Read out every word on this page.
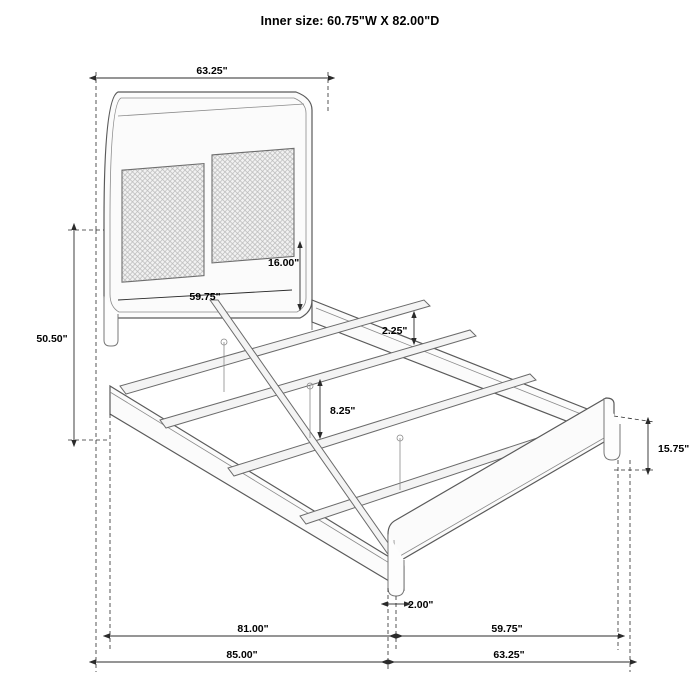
Inner size: 60.75"W X 82.00"D
63.25"
16.00"
59.75"
50.50"
2.25"
8.25"
15.75"
2.00"
81.00"	59.75"
85.00"	63.25"
